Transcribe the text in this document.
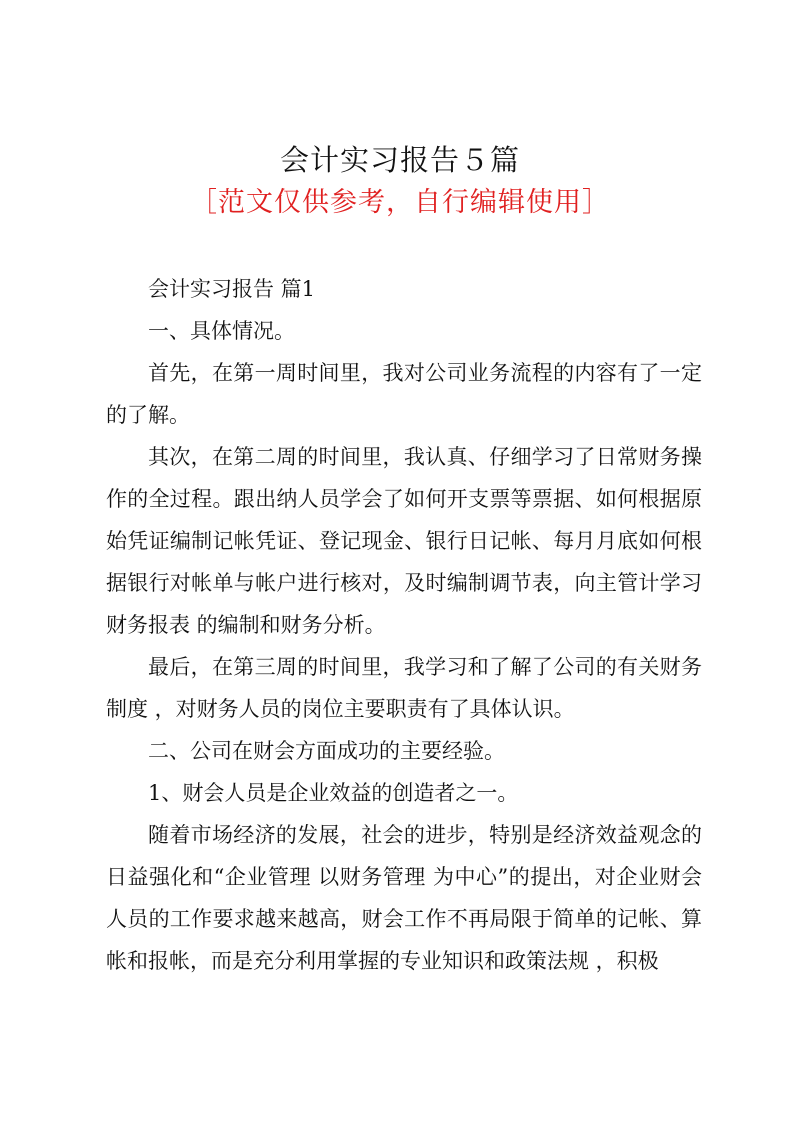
会计实习报告５篇
［范文仅供参考，自行编辑使用］

会计实习报告 篇1

一、具体情况。

首先，在第一周时间里，我对公司业务流程的内容有了一定的了解。

其次，在第二周的时间里，我认真、仔细学习了日常财务操作的全过程。跟出纳人员学会了如何开支票等票据、如何根据原始凭证编制记帐凭证、登记现金、银行日记帐、每月月底如何根据银行对帐单与帐户进行核对，及时编制调节表，向主管计学习财务报表 的编制和财务分析。

最后，在第三周的时间里，我学习和了解了公司的有关财务制度 ，对财务人员的岗位主要职责有了具体认识。

二、公司在财会方面成功的主要经验。

1、财会人员是企业效益的创造者之一。

随着市场经济的发展，社会的进步，特别是经济效益观念的日益强化和“企业管理 以财务管理 为中心”的提出，对企业财会人员的工作要求越来越高，财会工作不再局限于简单的记帐、算帐和报帐，而是充分利用掌握的专业知识和政策法规 ，积极
